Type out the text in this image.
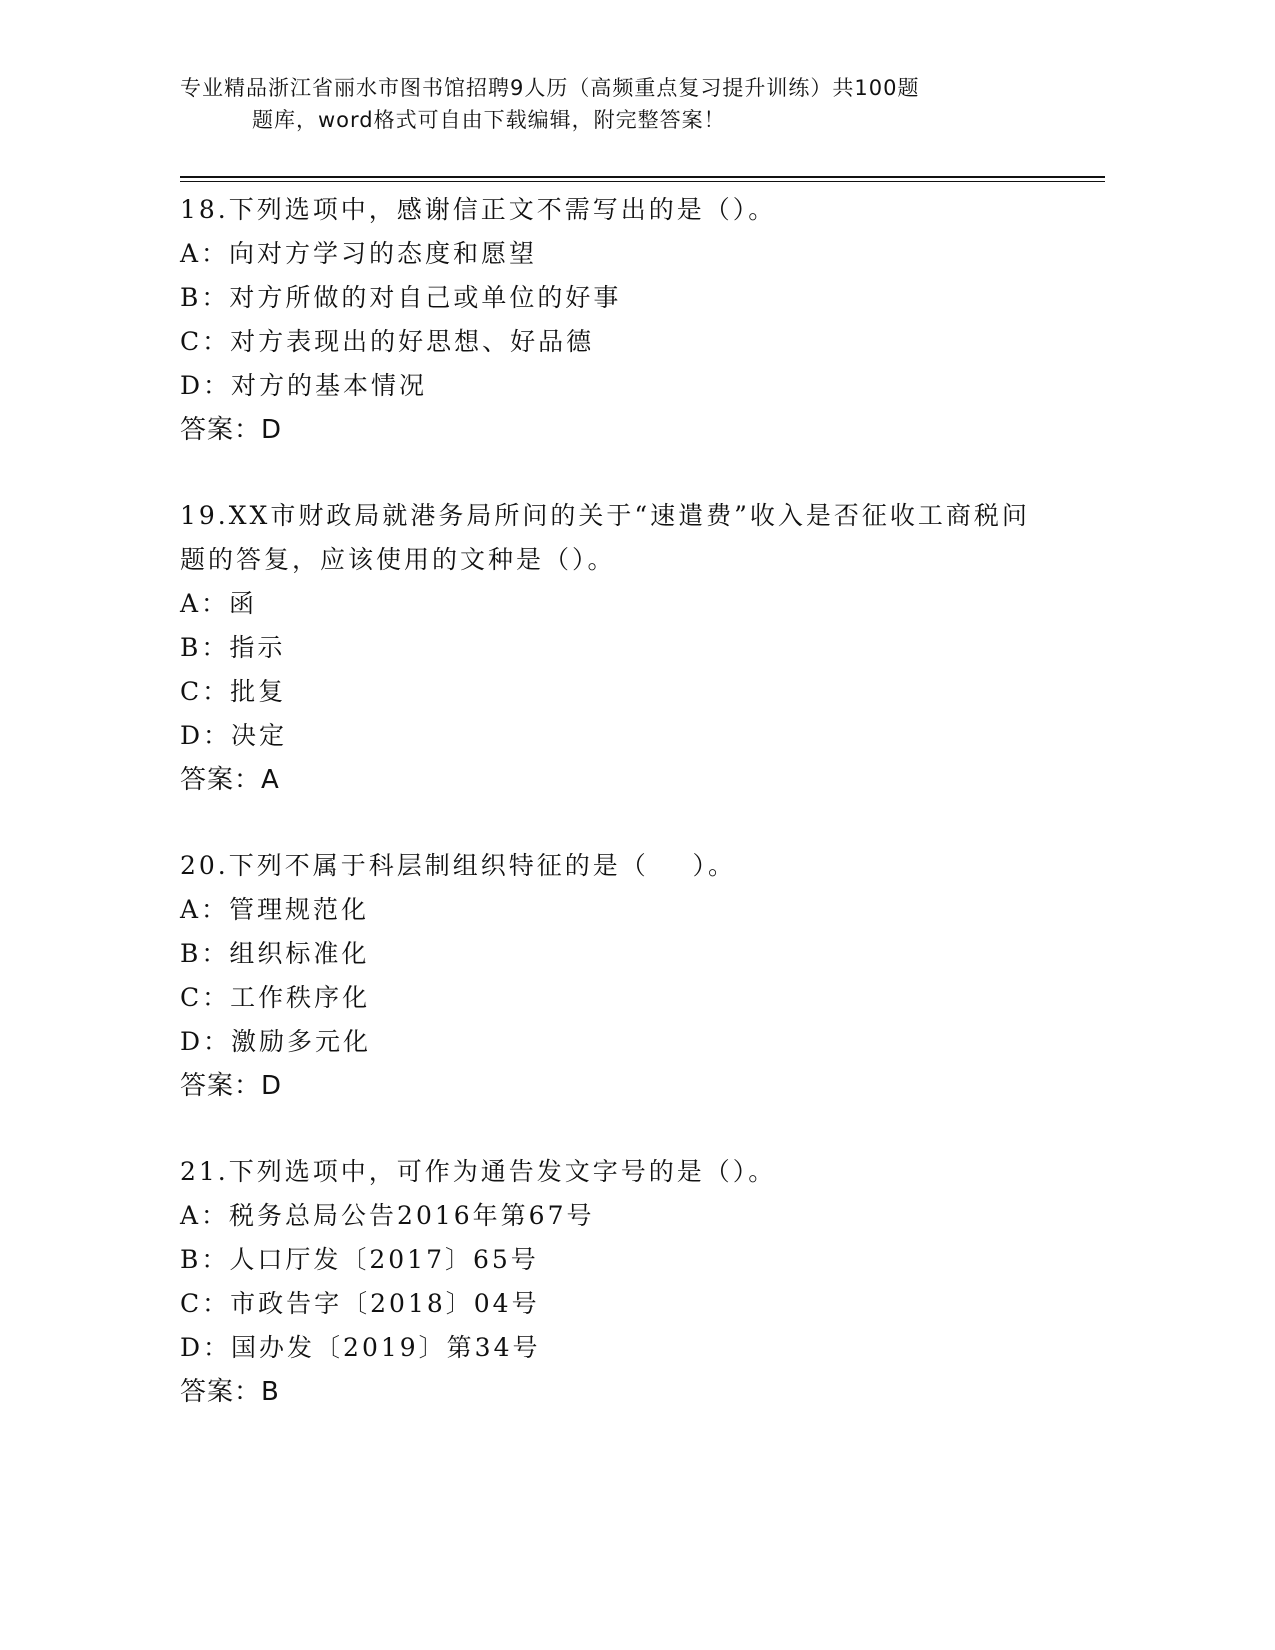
专业精品浙江省丽水市图书馆招聘9人历（高频重点复习提升训练）共100题
题库，word格式可自由下载编辑，附完整答案！
18.下列选项中，感谢信正文不需写出的是（）。
A：向对方学习的态度和愿望
B：对方所做的对自己或单位的好事
C：对方表现出的好思想、好品德
D：对方的基本情况
答案：D
19.XX市财政局就港务局所问的关于“速遣费”收入是否征收工商税问
题的答复，应该使用的文种是（）。
A：函
B：指示
C：批复
D：决定
答案：A
20.下列不属于科层制组织特征的是（    ）。
A：管理规范化
B：组织标准化
C：工作秩序化
D：激励多元化
答案：D
21.下列选项中，可作为通告发文字号的是（）。
A：税务总局公告2016年第67号
B：人口厅发〔2017〕65号
C：市政告字〔2018〕04号
D：国办发〔2019〕第34号
答案：B
